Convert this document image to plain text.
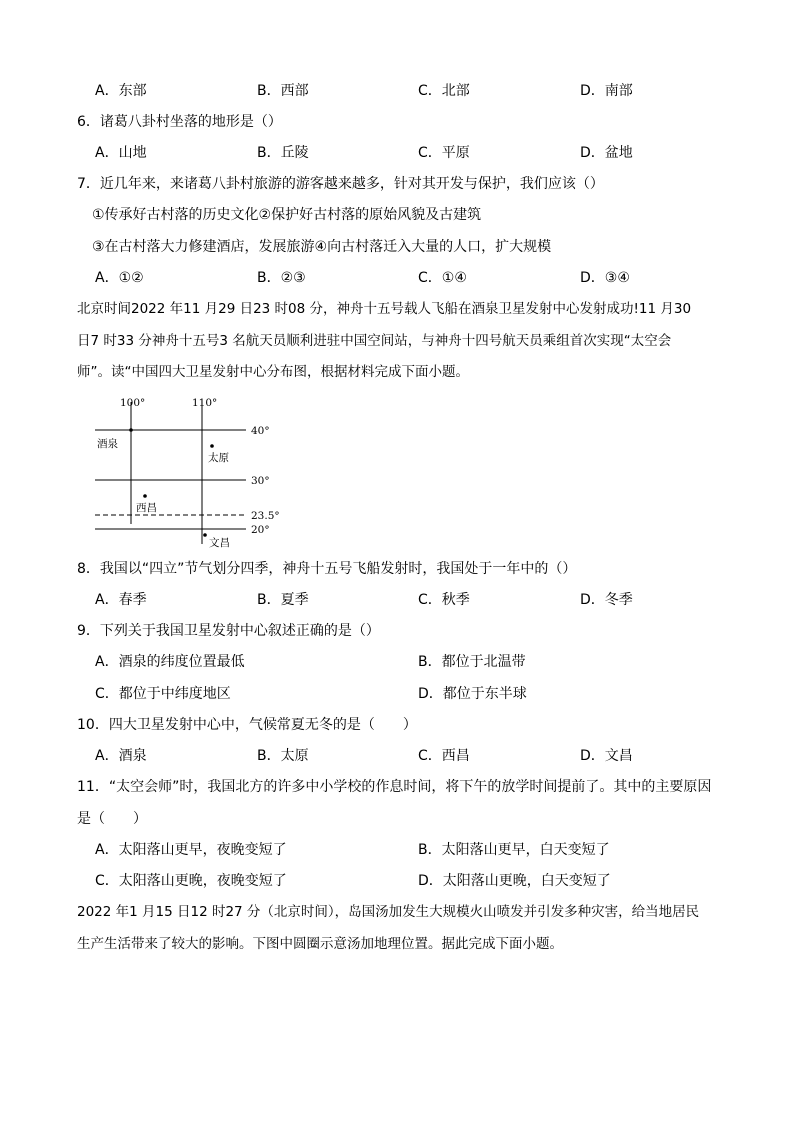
A．东部	B．西部	C．北部	D．南部
6．诸葛八卦村坐落的地形是（）
A．山地	B．丘陵	C．平原	D．盆地
7．近几年来，来诸葛八卦村旅游的游客越来越多，针对其开发与保护，我们应该（）
①传承好古村落的历史文化②保护好古村落的原始风貌及古建筑
③在古村落大力修建酒店，发展旅游④向古村落迁入大量的人口，扩大规模
A．①②	B．②③	C．①④	D．③④
北京时间2022 年11 月29 日23 时08 分，神舟十五号载人飞船在酒泉卫星发射中心发射成功!11 月30
日7 时33 分神舟十五号3 名航天员顺利进驻中国空间站，与神舟十四号航天员乘组首次实现“太空会
师”。读“中国四大卫星发射中心分布图，根据材料完成下面小题。
100°	110°
40°
30°
23.5°
20°
酒泉
太原
西昌
文昌
8．我国以“四立”节气划分四季，神舟十五号飞船发射时，我国处于一年中的（）
A．春季	B．夏季	C．秋季	D．冬季
9．下列关于我国卫星发射中心叙述正确的是（）
A．酒泉的纬度位置最低	B．都位于北温带
C．都位于中纬度地区	D．都位于东半球
10．四大卫星发射中心中，气候常夏无冬的是（　　）
A．酒泉	B．太原	C．西昌	D．文昌
11．“太空会师”时，我国北方的许多中小学校的作息时间，将下午的放学时间提前了。其中的主要原因
是（　　）
A．太阳落山更早，夜晚变短了	B．太阳落山更早，白天变短了
C．太阳落山更晚，夜晚变短了	D．太阳落山更晚，白天变短了
2022 年1 月15 日12 时27 分（北京时间），岛国汤加发生大规模火山喷发并引发多种灾害，给当地居民
生产生活带来了较大的影响。下图中圆圈示意汤加地理位置。据此完成下面小题。
